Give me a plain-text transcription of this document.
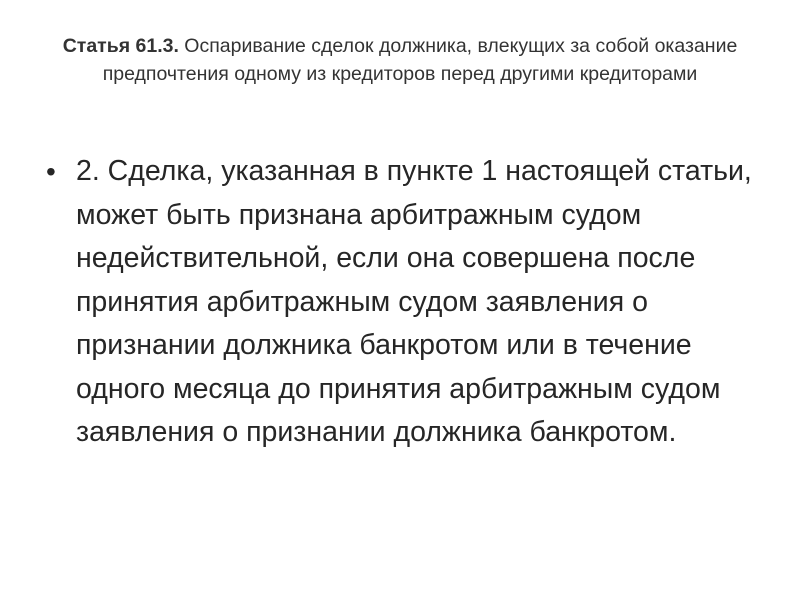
Статья 61.3. Оспаривание сделок должника, влекущих за собой оказание предпочтения одному из кредиторов перед другими кредиторами
• 2. Сделка, указанная в пункте 1 настоящей статьи, может быть признана арбитражным судом недействительной, если она совершена после принятия арбитражным судом заявления о признании должника банкротом или в течение одного месяца до принятия арбитражным судом заявления о признании должника банкротом.
